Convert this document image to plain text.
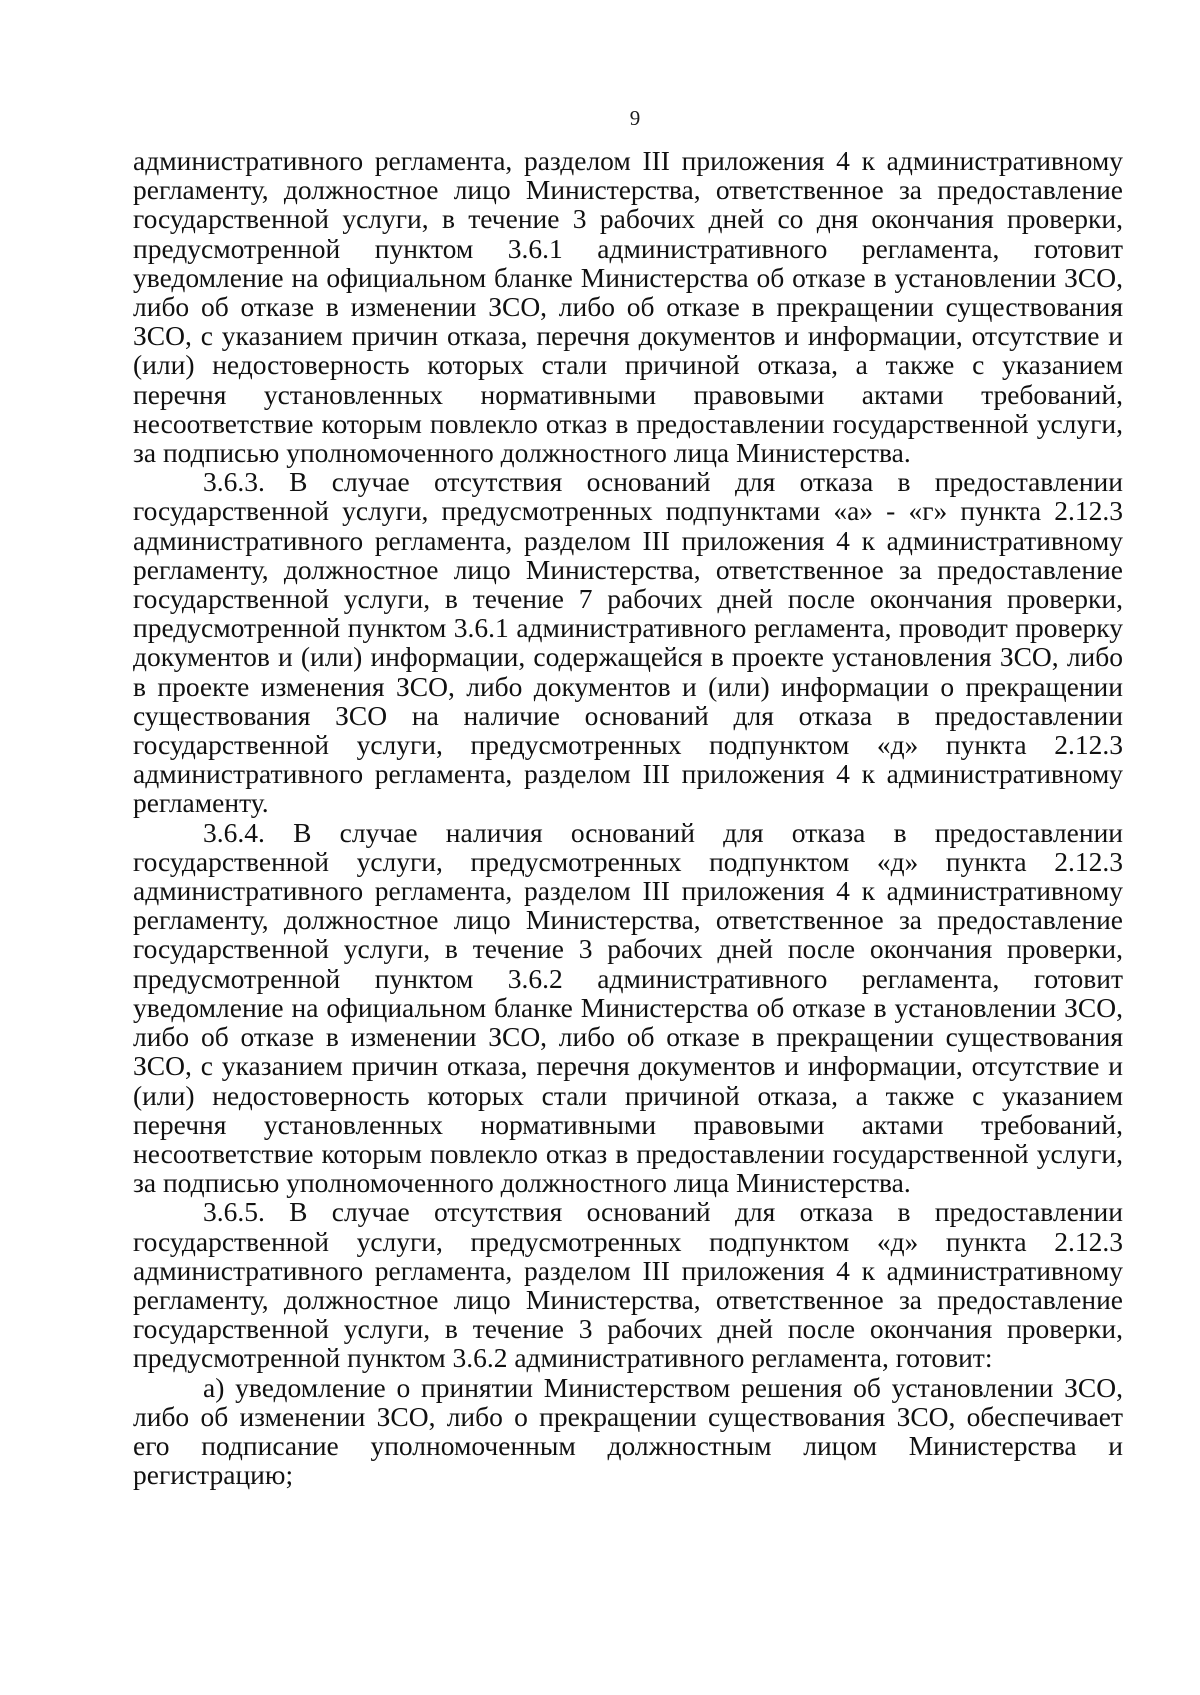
9

административного регламента, разделом III приложения 4 к административному регламенту, должностное лицо Министерства, ответственное за предоставление государственной услуги, в течение 3 рабочих дней со дня окончания проверки, предусмотренной пунктом 3.6.1 административного регламента, готовит уведомление на официальном бланке Министерства об отказе в установлении ЗСО, либо об отказе в изменении ЗСО, либо об отказе в прекращении существования ЗСО, с указанием причин отказа, перечня документов и информации, отсутствие и (или) недостоверность которых стали причиной отказа, а также с указанием перечня установленных нормативными правовыми актами требований, несоответствие которым повлекло отказ в предоставлении государственной услуги, за подписью уполномоченного должностного лица Министерства.

3.6.3. В случае отсутствия оснований для отказа в предоставлении государственной услуги, предусмотренных подпунктами «а» - «г» пункта 2.12.3 административного регламента, разделом III приложения 4 к административному регламенту, должностное лицо Министерства, ответственное за предоставление государственной услуги, в течение 7 рабочих дней после окончания проверки, предусмотренной пунктом 3.6.1 административного регламента, проводит проверку документов и (или) информации, содержащейся в проекте установления ЗСО, либо в проекте изменения ЗСО, либо документов и (или) информации о прекращении существования ЗСО на наличие оснований для отказа в предоставлении государственной услуги, предусмотренных подпунктом «д» пункта 2.12.3 административного регламента, разделом III приложения 4 к административному регламенту.

3.6.4. В случае наличия оснований для отказа в предоставлении государственной услуги, предусмотренных подпунктом «д» пункта 2.12.3 административного регламента, разделом III приложения 4 к административному регламенту, должностное лицо Министерства, ответственное за предоставление государственной услуги, в течение 3 рабочих дней после окончания проверки, предусмотренной пунктом 3.6.2 административного регламента, готовит уведомление на официальном бланке Министерства об отказе в установлении ЗСО, либо об отказе в изменении ЗСО, либо об отказе в прекращении существования ЗСО, с указанием причин отказа, перечня документов и информации, отсутствие и (или) недостоверность которых стали причиной отказа, а также с указанием перечня установленных нормативными правовыми актами требований, несоответствие которым повлекло отказ в предоставлении государственной услуги, за подписью уполномоченного должностного лица Министерства.

3.6.5. В случае отсутствия оснований для отказа в предоставлении государственной услуги, предусмотренных подпунктом «д» пункта 2.12.3 административного регламента, разделом III приложения 4 к административному регламенту, должностное лицо Министерства, ответственное за предоставление государственной услуги, в течение 3 рабочих дней после окончания проверки, предусмотренной пунктом 3.6.2 административного регламента, готовит:

а) уведомление о принятии Министерством решения об установлении ЗСО, либо об изменении ЗСО, либо о прекращении существования ЗСО, обеспечивает его подписание уполномоченным должностным лицом Министерства и регистрацию;
